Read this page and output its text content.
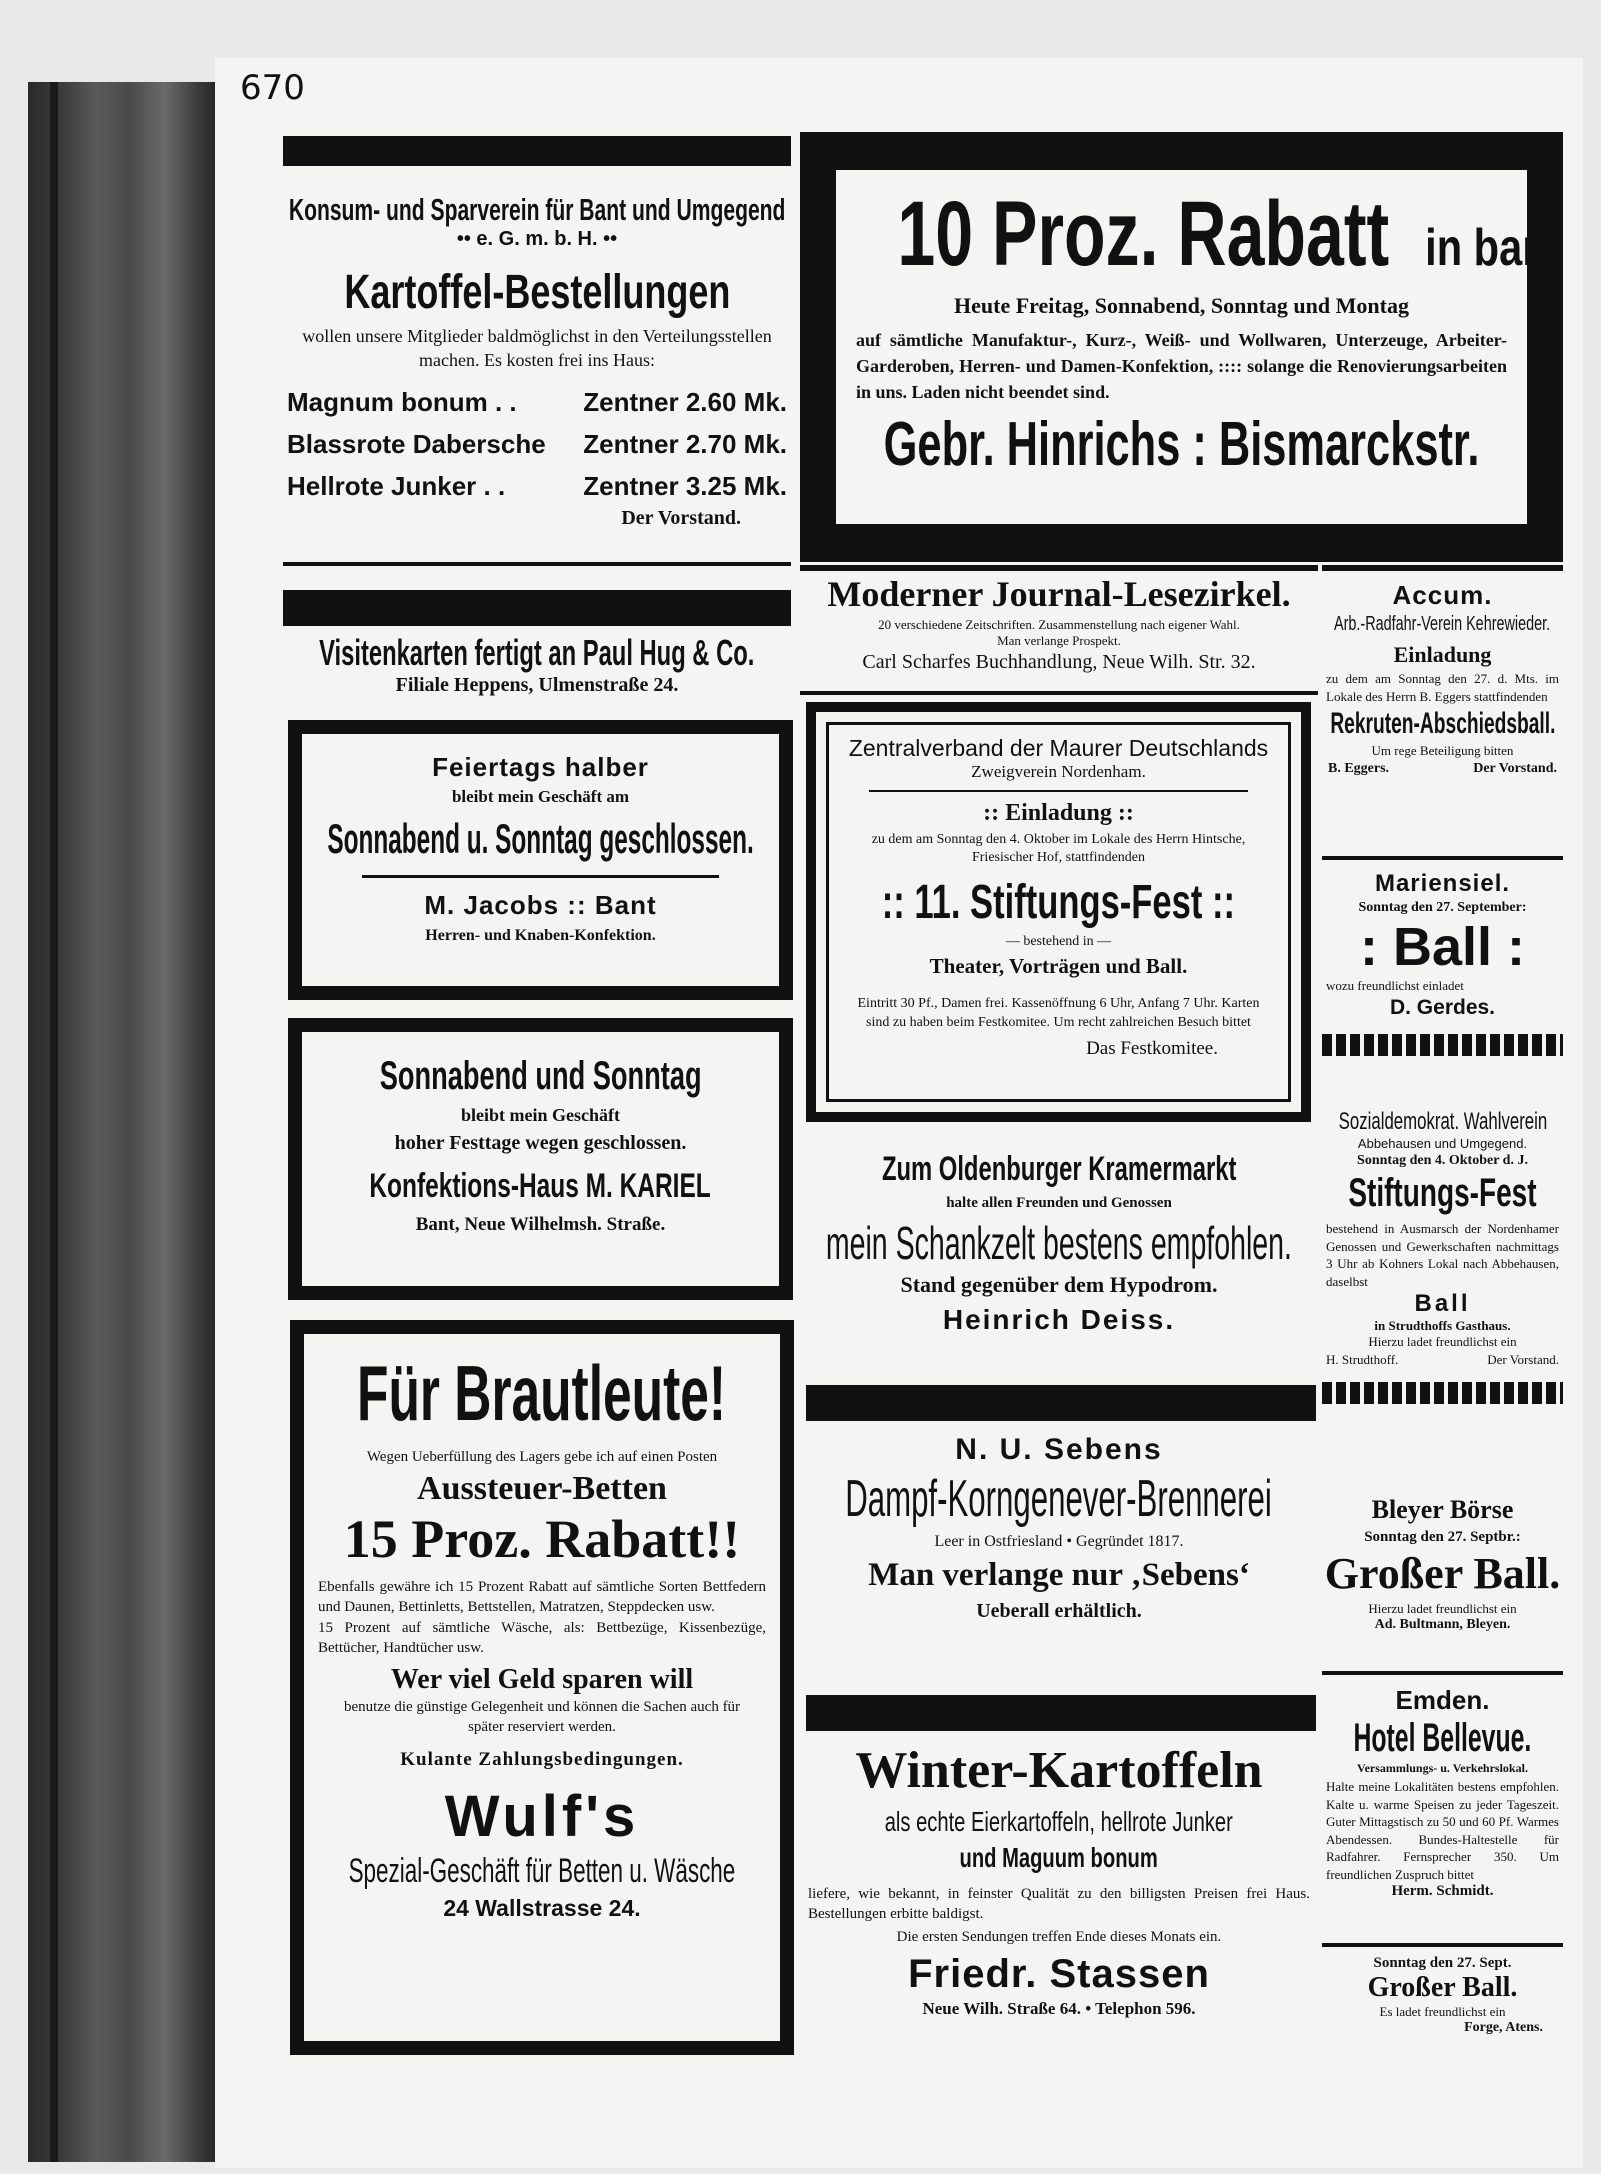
670
Konsum- und Sparverein für Bant und Umgegend
•• e. G. m. b. H. ••
Kartoffel-Bestellungen
wollen unsere Mitglieder baldmöglichst in den Verteilungsstellen machen. Es kosten frei ins Haus:
Magnum bonum . .	Zentner 2.60 Mk.
Blassrote Dabersche Zentner 2.70 Mk.
Hellrote Junker . .	Zentner 3.25 Mk.
Der Vorstand.
Visitenkarten fertigt an Paul Hug & Co.
Filiale Heppens, Ulmenstraße 24.
Feiertags halber
bleibt mein Geschäft am
Sonnabend u. Sonntag geschlossen.
M. Jacobs :: Bant
Herren- und Knaben-Konfektion.
Sonnabend und Sonntag
bleibt mein Geschäft
hoher Festtage wegen geschlossen.
Konfektions-Haus M. KARIEL
Bant, Neue Wilhelmsh. Straße.
Für Brautleute!
Wegen Ueberfüllung des Lagers gebe ich auf einen Posten
Aussteuer-Betten
15 Proz. Rabatt!!
Ebenfalls gewähre ich 15 Prozent Rabatt auf sämtliche Sorten Bettfedern und Daunen, Bettinletts, Bettstellen, Matratzen, Steppdecken usw.
15 Prozent auf sämtliche Wäsche, als: Bettbezüge, Kissenbezüge, Bettücher, Handtücher usw.
Wer viel Geld sparen will
benutze die günstige Gelegenheit und können die Sachen auch für später reserviert werden.
Kulante Zahlungsbedingungen.
Wulf's
Spezial-Geschäft für Betten u. Wäsche
24 Wallstrasse 24.
10 Proz. Rabatt in bar
Heute Freitag, Sonnabend, Sonntag und Montag
auf sämtliche Manufaktur-, Kurz-, Weiß- und Wollwaren, Unterzeuge, Arbeiter-Garderoben, Herren- und Damen-Konfektion, :::: solange die Renovierungsarbeiten in uns. Laden nicht beendet sind.
Gebr. Hinrichs : Bismarckstr.
Moderner Journal-Lesezirkel.
20 verschiedene Zeitschriften. Zusammenstellung nach eigener Wahl.
Man verlange Prospekt.
Carl Scharfes Buchhandlung, Neue Wilh. Str. 32.
Zentralverband der Maurer Deutschlands
Zweigverein Nordenham.
:: Einladung ::
zu dem am Sonntag den 4. Oktober im Lokale des Herrn Hintsche, Friesischer Hof, stattfindenden
:: 11. Stiftungs-Fest ::
— bestehend in —
Theater, Vorträgen und Ball.
Eintritt 30 Pf., Damen frei. Kassenöffnung 6 Uhr, Anfang 7 Uhr. Karten sind zu haben beim Festkomitee. Um recht zahlreichen Besuch bittet
Das Festkomitee.
Zum Oldenburger Kramermarkt
halte allen Freunden und Genossen
mein Schankzelt bestens empfohlen.
Stand gegenüber dem Hypodrom.
Heinrich Deiss.
N. U. Sebens
Dampf-Korngenever-Brennerei
Leer in Ostfriesland • Gegründet 1817.
Man verlange nur ‚Sebens‘
Ueberall erhältlich.
Winter-Kartoffeln
als echte Eierkartoffeln, hellrote Junker und Maguum bonum
liefere, wie bekannt, in feinster Qualität zu den billigsten Preisen frei Haus. Bestellungen erbitte baldigst.
Die ersten Sendungen treffen Ende dieses Monats ein.
Friedr. Stassen
Neue Wilh. Straße 64. • Telephon 596.
Accum.
Arb.-Radfahr-Verein Kehrewieder.
Einladung
zu dem am Sonntag den 27. d. Mts. im Lokale des Herrn B. Eggers stattfindenden
Rekruten-Abschiedsball.
Um rege Beteiligung bitten
B. Eggers.	Der Vorstand.
Mariensiel.
Sonntag den 27. September:
: Ball :
wozu freundlichst einladet
D. Gerdes.
Sozialdemokrat. Wahlverein
Abbehausen und Umgegend.
Sonntag den 4. Oktober d. J.
Stiftungs-Fest
bestehend in Ausmarsch der Nordenhamer Genossen und Gewerkschaften nachmittags 3 Uhr ab Kohners Lokal nach Abbehausen, daselbst
Ball
in Strudthoffs Gasthaus.
Hierzu ladet freundlichst ein
H. Strudthoff.	Der Vorstand.
Bleyer Börse
Sonntag den 27. Septbr.:
Großer Ball.
Hierzu ladet freundlichst ein
Ad. Bultmann, Bleyen.
Emden.
Hotel Bellevue.
Versammlungs- u. Verkehrslokal.
Halte meine Lokalitäten bestens empfohlen. Kalte u. warme Speisen zu jeder Tageszeit. Guter Mittagstisch zu 50 und 60 Pf. Warmes Abendessen. Bundes-Haltestelle für Radfahrer. Fernsprecher 350. Um freundlichen Zuspruch bittet
Herm. Schmidt.
Sonntag den 27. Sept.
Großer Ball.
Es ladet freundlichst ein
Forge, Atens.
